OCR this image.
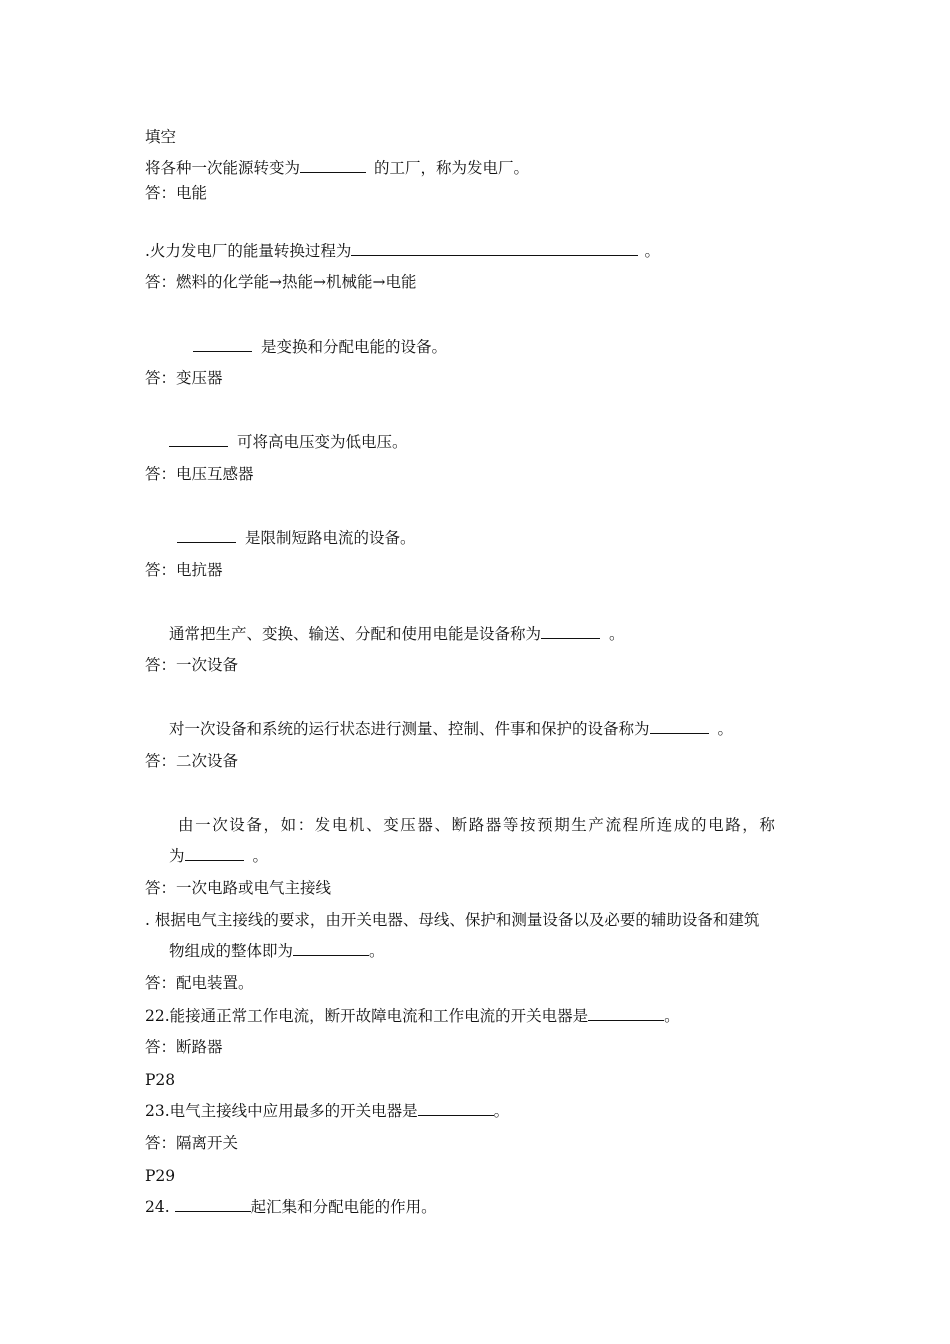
填空
将各种一次能源转变为	的工厂，称为发电厂。
答：电能
.火力发电厂的能量转换过程为	。
答：燃料的化学能→热能→机械能→电能
是变换和分配电能的设备。
答：变压器
可将高电压变为低电压。
答：电压互感器
是限制短路电流的设备。
答：电抗器
通常把生产、变换、输送、分配和使用电能是设备称为	。
答：一次设备
对一次设备和系统的运行状态进行测量、控制、件事和保护的设备称为	。
答：二次设备
由一次设备，如：发电机、变压器、断路器等按预期生产流程所连成的电路，称
为	。
答：一次电路或电气主接线
. 根据电气主接线的要求，由开关电器、母线、保护和测量设备以及必要的辅助设备和建筑
物组成的整体即为	。
答：配电装置。
22.能接通正常工作电流，断开故障电流和工作电流的开关电器是	。
答：断路器
P28
23.电气主接线中应用最多的开关电器是	。
答：隔离开关
P29
24.	起汇集和分配电能的作用。
